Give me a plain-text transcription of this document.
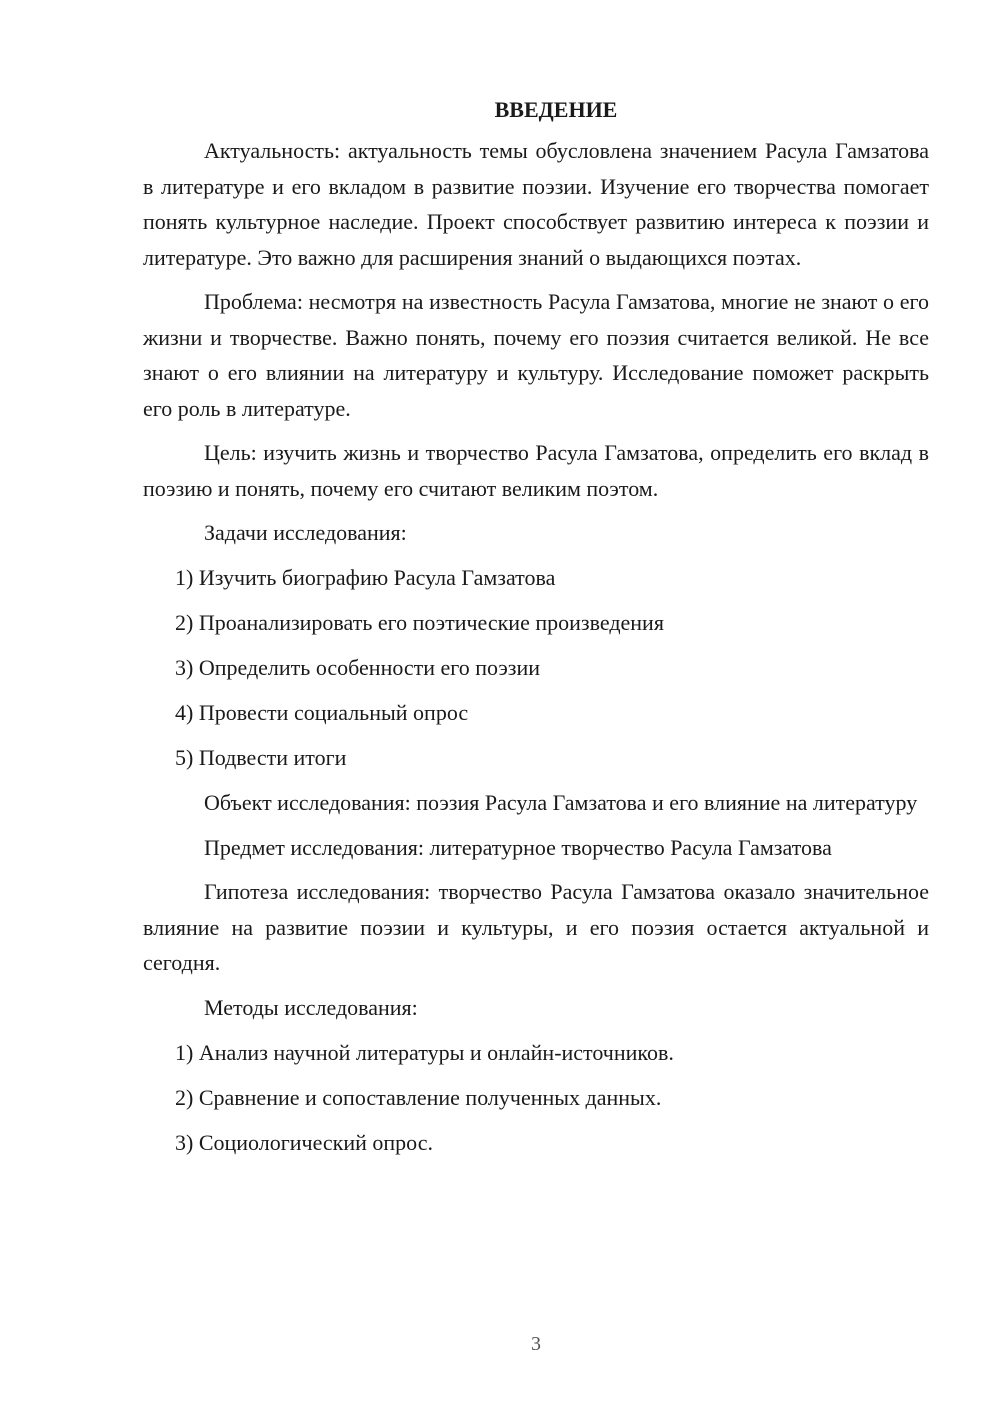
ВВЕДЕНИЕ

Актуальность: актуальность темы обусловлена значением Расула Гамзатова в литературе и его вкладом в развитие поэзии. Изучение его творчества помогает понять культурное наследие. Проект способствует развитию интереса к поэзии и литературе. Это важно для расширения знаний о выдающихся поэтах.

Проблема: несмотря на известность Расула Гамзатова, многие не знают о его жизни и творчестве. Важно понять, почему его поэзия считается великой. Не все знают о его влиянии на литературу и культуру. Исследование поможет раскрыть его роль в литературе.

Цель: изучить жизнь и творчество Расула Гамзатова, определить его вклад в поэзию и понять, почему его считают великим поэтом.

Задачи исследования:
1) Изучить биографию Расула Гамзатова
2) Проанализировать его поэтические произведения
3) Определить особенности его поэзии
4) Провести социальный опрос
5) Подвести итоги

Объект исследования: поэзия Расула Гамзатова и его влияние на литературу

Предмет исследования: литературное творчество Расула Гамзатова

Гипотеза исследования: творчество Расула Гамзатова оказало значительное влияние на развитие поэзии и культуры, и его поэзия остается актуальной и сегодня.

Методы исследования:
1) Анализ научной литературы и онлайн-источников.
2) Сравнение и сопоставление полученных данных.
3) Социологический опрос.
3
